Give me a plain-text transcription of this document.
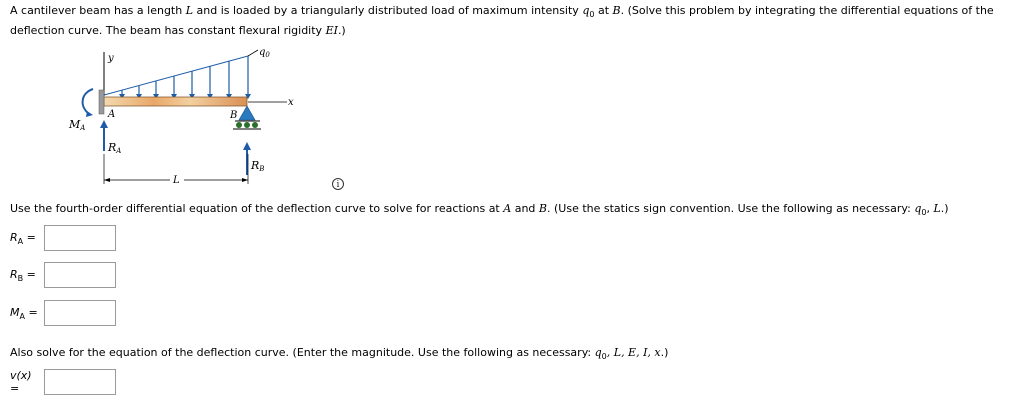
A cantilever beam has a length L and is loaded by a triangularly distributed load of maximum intensity $q_0$ at B. (Solve this problem by integrating the differential equations of the deflection curve. The beam has constant flexural rigidity EI.)
y
$q_0$
x
MA
A
RA
B
RB
L	i
Use the fourth-order differential equation of the deflection curve to solve for reactions at A and B. (Use the statics sign convention. Use the following as necessary: $q_0$, L.)
$R_A$ =
$R_B$ =
$M_A$ =
Also solve for the equation of the deflection curve. (Enter the magnitude. Use the following as necessary: $q_0$, L, E, I, x.)
v(x) =
